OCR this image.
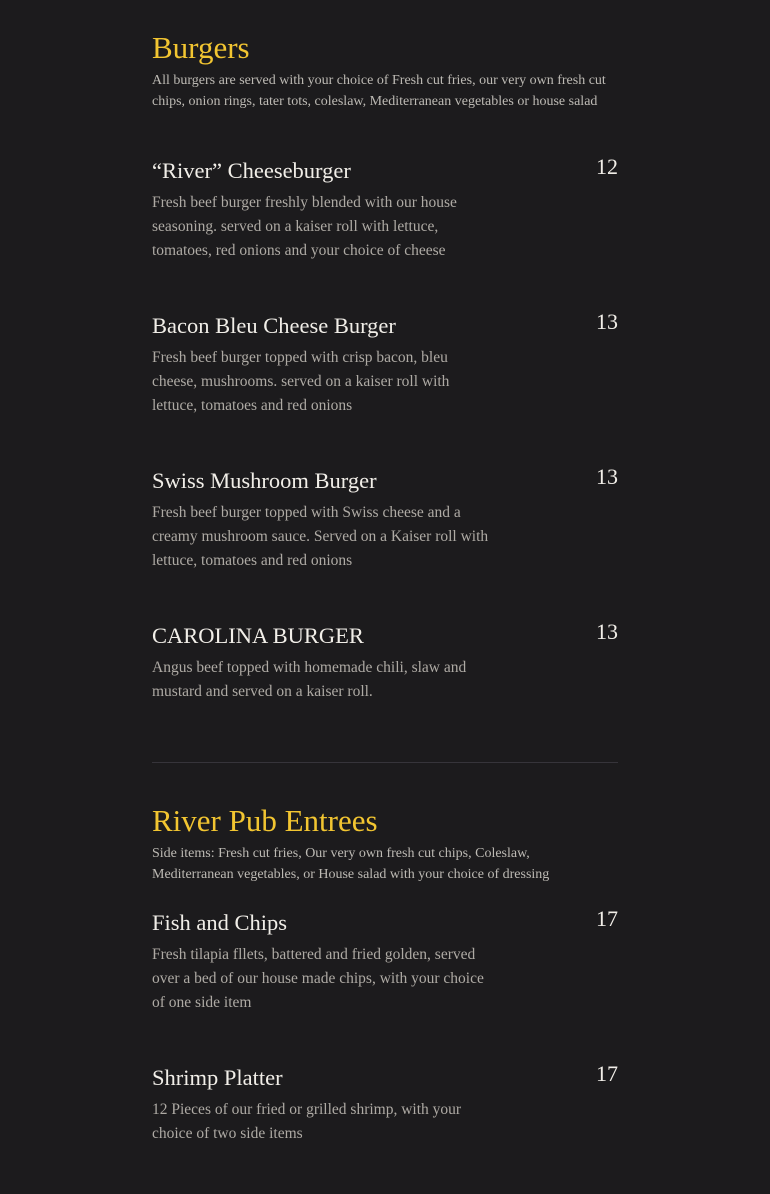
Burgers

All burgers are served with your choice of Fresh cut fries, our very own fresh cut chips, onion rings, tater tots, coleslaw, Mediterranean vegetables or house salad

“River” Cheeseburger	12
Fresh beef burger freshly blended with our house seasoning. served on a kaiser roll with lettuce, tomatoes, red onions and your choice of cheese
Bacon Bleu Cheese Burger	13
Fresh beef burger topped with crisp bacon, bleu cheese, mushrooms. served on a kaiser roll with lettuce, tomatoes and red onions
Swiss Mushroom Burger	13
Fresh beef burger topped with Swiss cheese and a creamy mushroom sauce. Served on a Kaiser roll with lettuce, tomatoes and red onions
CAROLINA BURGER	13
Angus beef topped with homemade chili, slaw and mustard and served on a kaiser roll.
River Pub Entrees

Side items: Fresh cut fries, Our very own fresh cut chips, Coleslaw, Mediterranean vegetables, or House salad with your choice of dressing

Fish and Chips	17
Fresh tilapia fllets, battered and fried golden, served over a bed of our house made chips, with your choice of one side item
Shrimp Platter	17
12 Pieces of our fried or grilled shrimp, with your choice of two side items
